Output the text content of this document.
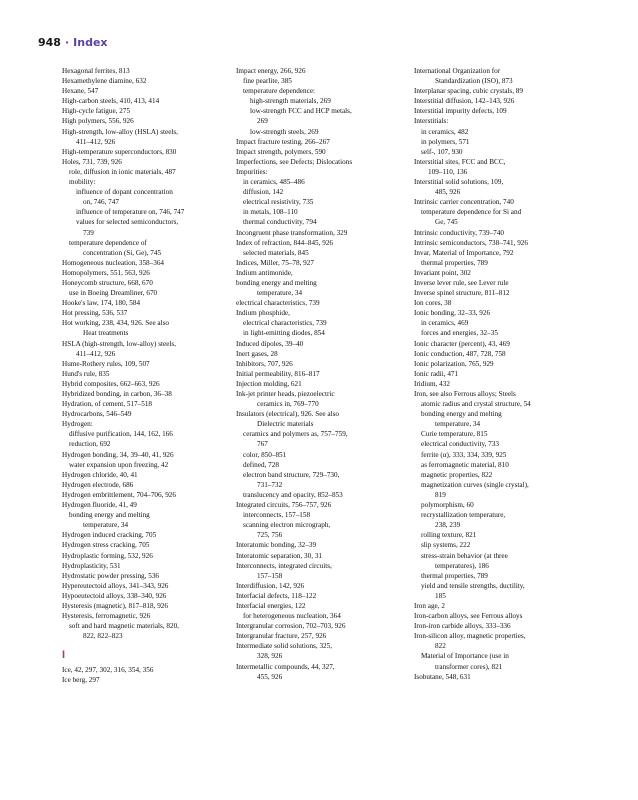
948 · Index
Hexagonal ferrites, 813
Hexamethylene diamine, 632
Hexane, 547
High-carbon steels, 410, 413, 414
High-cycle fatigue, 275
High polymers, 556, 926
High-strength, low-alloy (HSLA) steels,
411–412, 926
High-temperature superconductors, 830
Holes, 731, 739, 926
role, diffusion in ionic materials, 487
mobility:
influence of dopant concentration
on, 746, 747
influence of temperature on, 746, 747
values for selected semiconductors,
739
temperature dependence of
concentration (Si, Ge), 745
Homogeneous nucleation, 358–364
Homopolymers, 551, 563, 926
Honeycomb structure, 668, 670
use in Boeing Dreamliner, 670
Hooke's law, 174, 180, 584
Hot pressing, 536, 537
Hot working, 238, 434, 926. See also
Heat treatments
HSLA (high-strength, low-alloy) steels,
411–412, 926
Hume-Rothery rules, 109, 507
Hund's rule, 835
Hybrid composites, 662–663, 926
Hybridized bonding, in carbon, 36–38
Hydration, of cement, 517–518
Hydrocarbons, 546–549
Hydrogen:
diffusive purification, 144, 162, 166
reduction, 692
Hydrogen bonding, 34, 39–40, 41, 926
water expansion upon freezing, 42
Hydrogen chloride, 40, 41
Hydrogen electrode, 686
Hydrogen embrittlement, 704–706, 926
Hydrogen fluoride, 41, 49
bonding energy and melting
temperature, 34
Hydrogen induced cracking, 705
Hydrogen stress cracking, 705
Hydroplastic forming, 532, 926
Hydroplasticity, 531
Hydrostatic powder pressing, 536
Hypereutectoid alloys, 341–343, 926
Hypoeutectoid alloys, 338–340, 926
Hysteresis (magnetic), 817–818, 926
Hysteresis, ferromagnetic, 926
soft and hard magnetic materials, 820,
822, 822–823
I
Ice, 42, 297, 302, 316, 354, 356
Ice berg, 297
Impact energy, 266, 926
fine pearlite, 385
temperature dependence:
high-strength materials, 269
low-strength FCC and HCP metals,
269
low-strength steels, 269
Impact fracture testing, 266–267
Impact strength, polymers, 590
Imperfections, see Defects; Dislocations
Impurities:
in ceramics, 485–486
diffusion, 142
electrical resistivity, 735
in metals, 108–110
thermal conductivity, 794
Incongruent phase transformation, 329
Index of refraction, 844–845, 926
selected materials, 845
Indices, Miller, 75–78, 927
Indium antimonide,
bonding energy and melting
temperature, 34
electrical characteristics, 739
Indium phosphide,
electrical characteristics, 739
in light-emitting diodes, 854
Induced dipoles, 39–40
Inert gases, 28
Inhibitors, 707, 926
Initial permeability, 816–817
Injection molding, 621
Ink-jet printer heads, piezoelectric
ceramics in, 769–770
Insulators (electrical), 926. See also
Dielectric materials
ceramics and polymers as, 757–759,
767
color, 850–851
defined, 728
electron band structure, 729–730,
731–732
translucency and opacity, 852–853
Integrated circuits, 756–757, 926
interconnects, 157–158
scanning electron micrograph,
725, 756
Interatomic bonding, 32–39
Interatomic separation, 30, 31
Interconnects, integrated circuits,
157–158
Interdiffusion, 142, 926
Interfacial defects, 118–122
Interfacial energies, 122
for heterogeneous nucleation, 364
Intergranular corrosion, 702–703, 926
Intergranular fracture, 257, 926
Intermediate solid solutions, 325,
328, 926
Intermetallic compounds, 44, 327,
455, 926
International Organization for
Standardization (ISO), 873
Interplanar spacing, cubic crystals, 89
Interstitial diffusion, 142–143, 926
Interstitial impurity defects, 109
Interstitials:
in ceramics, 482
in polymers, 571
self-, 107, 930
Interstitial sites, FCC and BCC,
109–110, 136
Interstitial solid solutions, 109,
485, 926
Intrinsic carrier concentration, 740
temperature dependence for Si and
Ge, 745
Intrinsic conductivity, 739–740
Intrinsic semiconductors, 738–741, 926
Invar, Material of Importance, 792
thermal properties, 789
Invariant point, 302
Inverse lever rule, see Lever rule
Inverse spinel structure, 811–812
Ion cores, 38
Ionic bonding, 32–33, 926
in ceramics, 469
forces and energies, 32–35
Ionic character (percent), 43, 469
Ionic conduction, 487, 728, 758
Ionic polarization, 765, 929
Ionic radii, 471
Iridium, 432
Iron, see also Ferrous alloys; Steels
atomic radius and crystal structure, 54
bonding energy and melting
temperature, 34
Curie temperature, 815
electrical conductivity, 733
ferrite (α), 333, 334, 339, 925
as ferromagnetic material, 810
magnetic properties, 822
magnetization curves (single crystal),
819
polymorphism, 60
recrystallization temperature,
238, 239
rolling texture, 821
slip systems, 222
stress-strain behavior (at three
temperatures), 186
thermal properties, 789
yield and tensile strengths, ductility,
185
Iron age, 2
Iron-carbon alloys, see Ferrous alloys
Iron-iron carbide alloys, 333–336
Iron-silicon alloy, magnetic properties,
822
Material of Importance (use in
transformer cores), 821
Isobutane, 548, 631
